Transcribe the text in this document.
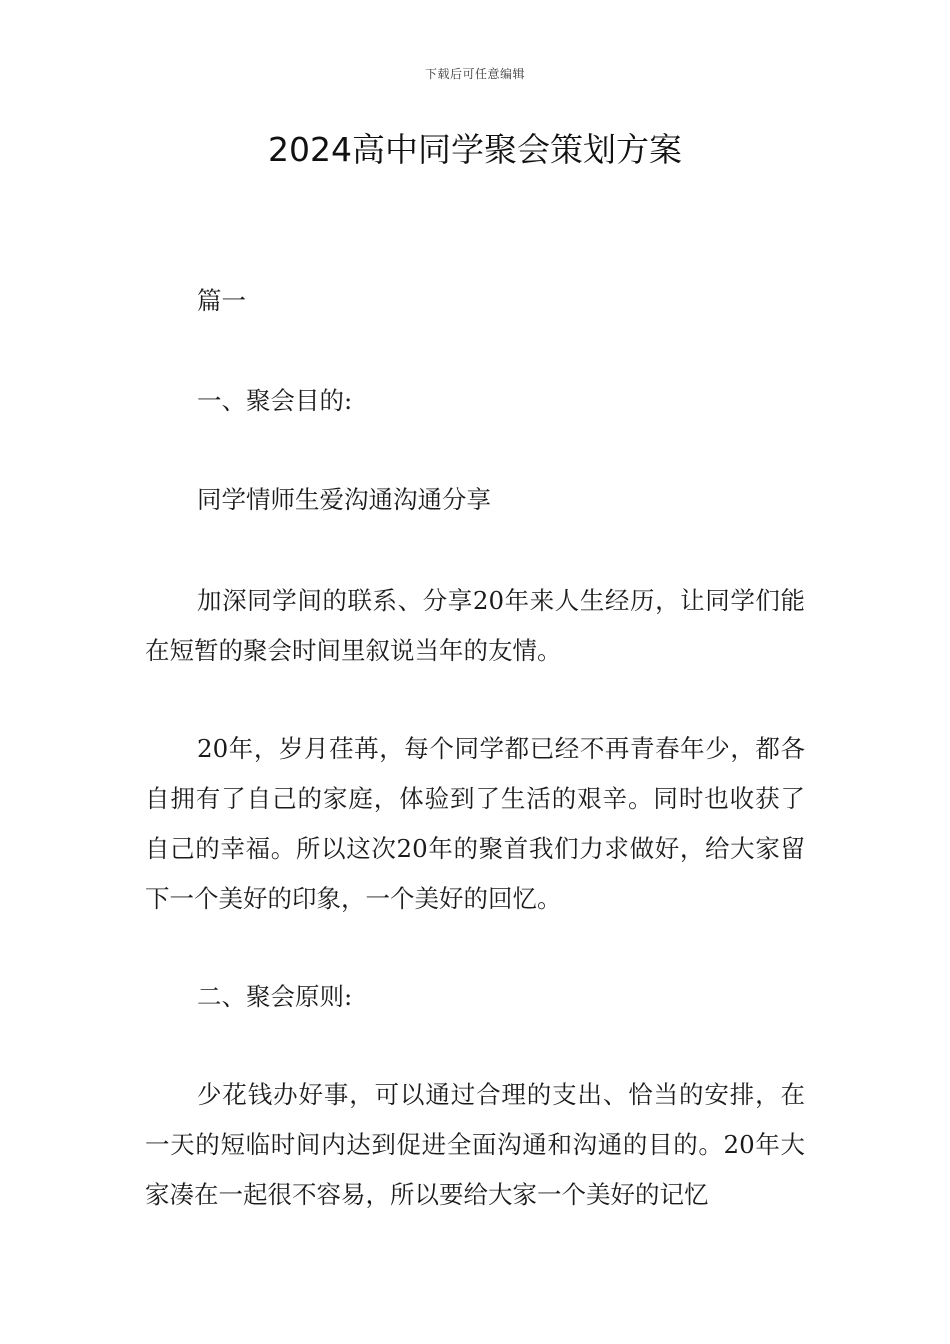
下载后可任意编辑
2024高中同学聚会策划方案

篇一

一、聚会目的:

同学情师生爱沟通沟通分享

加深同学间的联系、分享20年来人生经历，让同学们能在短暂的聚会时间里叙说当年的友情。

20年，岁月荏苒，每个同学都已经不再青春年少，都各自拥有了自己的家庭，体验到了生活的艰辛。同时也收获了自己的幸福。所以这次20年的聚首我们力求做好，给大家留下一个美好的印象，一个美好的回忆。

二、聚会原则:

少花钱办好事，可以通过合理的支出、恰当的安排，在一天的短临时间内达到促进全面沟通和沟通的目的。20年大家凑在一起很不容易，所以要给大家一个美好的记忆
